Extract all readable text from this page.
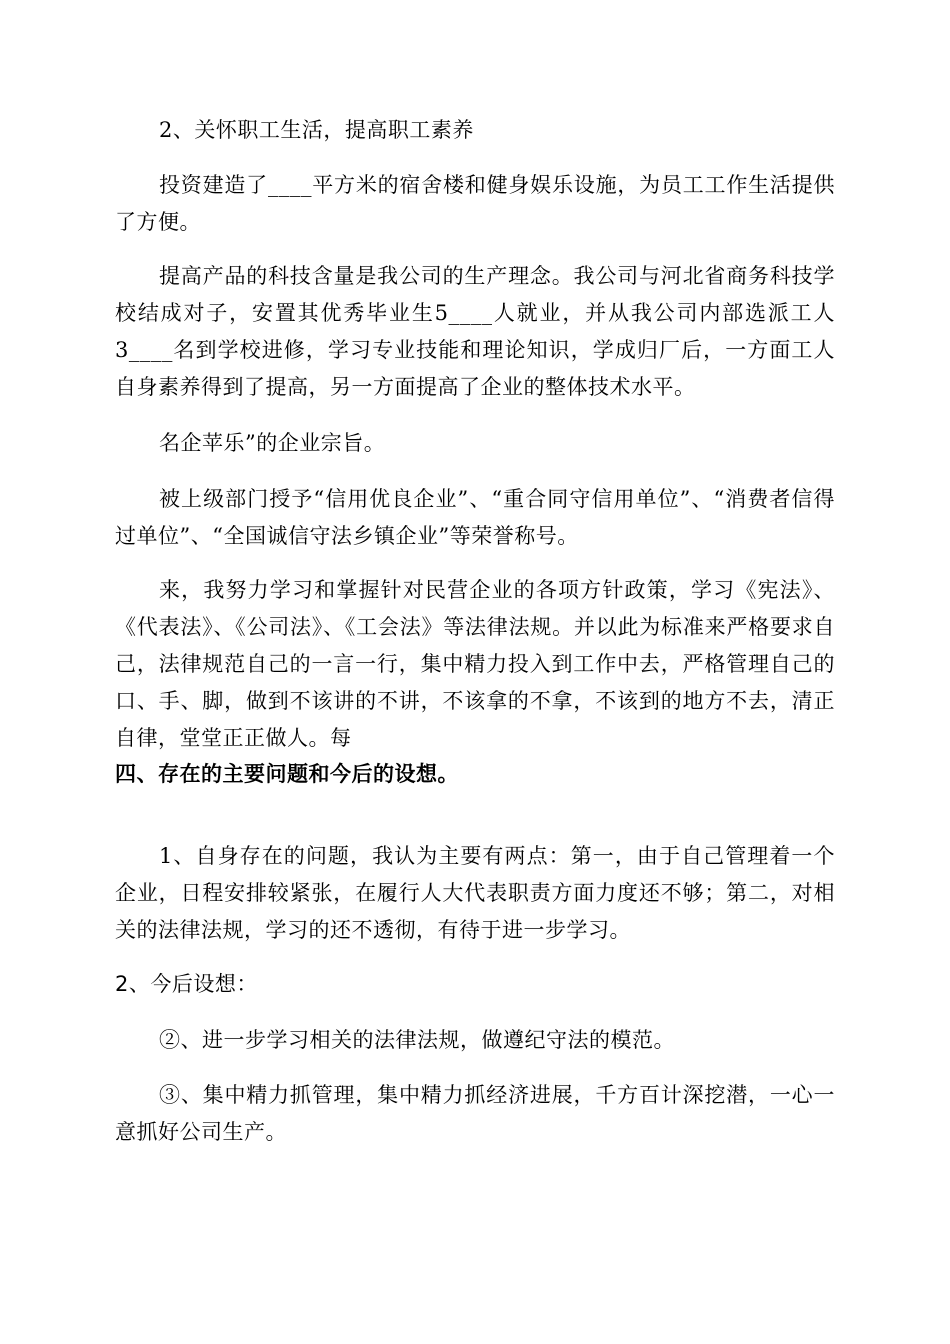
2、关怀职工生活，提高职工素养

投资建造了____平方米的宿舍楼和健身娱乐设施，为员工工作生活提供了方便。

提高产品的科技含量是我公司的生产理念。我公司与河北省商务科技学校结成对子，安置其优秀毕业生5____人就业，并从我公司内部选派工人3____名到学校进修，学习专业技能和理论知识，学成归厂后，一方面工人自身素养得到了提高，另一方面提高了企业的整体技术水平。

名企苹乐”的企业宗旨。

被上级部门授予“信用优良企业”、“重合同守信用单位”、“消费者信得过单位”、“全国诚信守法乡镇企业”等荣誉称号。

来，我努力学习和掌握针对民营企业的各项方针政策，学习《宪法》、《代表法》、《公司法》、《工会法》等法律法规。并以此为标准来严格要求自己，法律规范自己的一言一行，集中精力投入到工作中去，严格管理自己的口、手、脚，做到不该讲的不讲，不该拿的不拿，不该到的地方不去，清正自律，堂堂正正做人。每

四、存在的主要问题和今后的设想。

1、自身存在的问题，我认为主要有两点：第一，由于自己管理着一个企业，日程安排较紧张，在履行人大代表职责方面力度还不够；第二，对相关的法律法规，学习的还不透彻，有待于进一步学习。

2、今后设想：

②、进一步学习相关的法律法规，做遵纪守法的模范。

③、集中精力抓管理，集中精力抓经济进展，千方百计深挖潜，一心一意抓好公司生产。
